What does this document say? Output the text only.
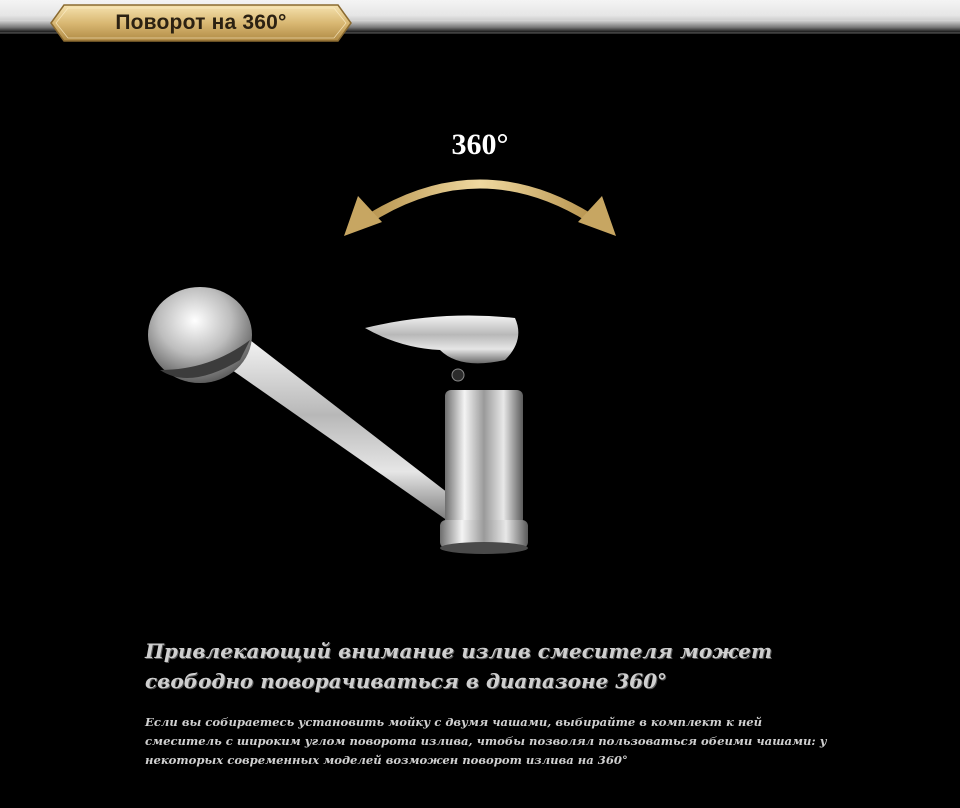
Поворот на 360°
360°
Привлекающий внимание излив смесителя может
свободно поворачиваться в диапазоне 360°
Если вы собираетесь установить мойку с двумя чашами, выбирайте в комплект к ней смеситель с широким углом поворота излива, чтобы позволял пользоваться обеими чашами: у некоторых современных моделей возможен поворот излива на 360°
